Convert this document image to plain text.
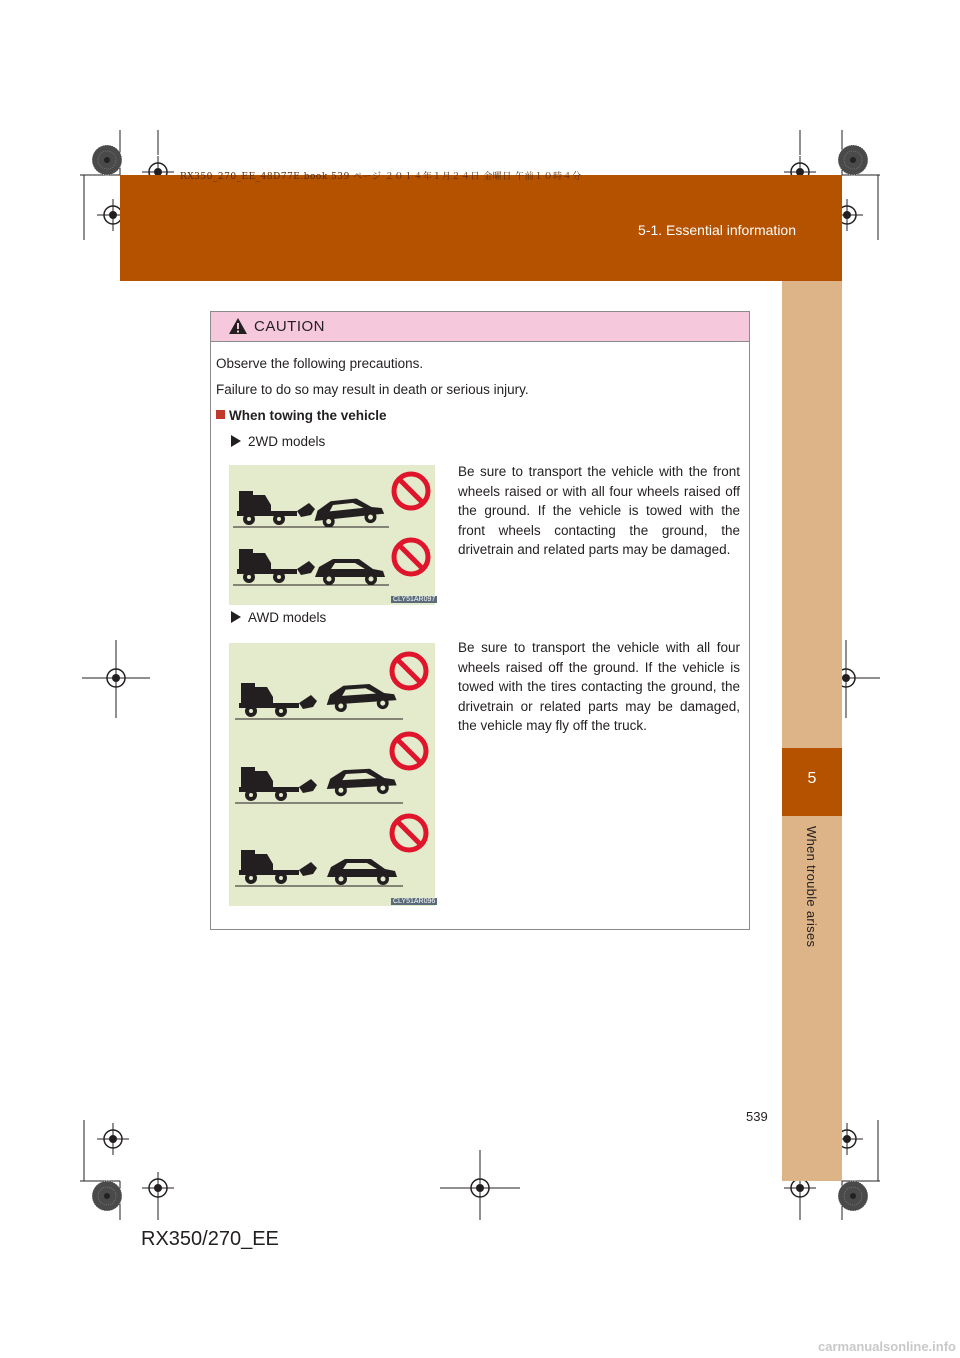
RX350_270_EE_48D77E.book 539 ページ ２０１４年１月２４日 金曜日 午前１０時４分
5-1. Essential information
5
When trouble arises
CAUTION
Observe the following precautions.
Failure to do so may result in death or serious injury.
When towing the vehicle
2WD models
Be sure to transport the vehicle with the front wheels raised or with all four wheels raised off the ground. If the vehicle is towed with the front wheels contacting the ground, the drivetrain and related parts may be damaged.
AWD models
Be sure to transport the vehicle with all four wheels raised off the ground. If the vehicle is towed with the tires contacting the ground, the drivetrain or related parts may be damaged, the vehicle may fly off the truck.
CLY51AR097
CLY51AR096
539
RX350/270_EE
carmanualsonline.info
